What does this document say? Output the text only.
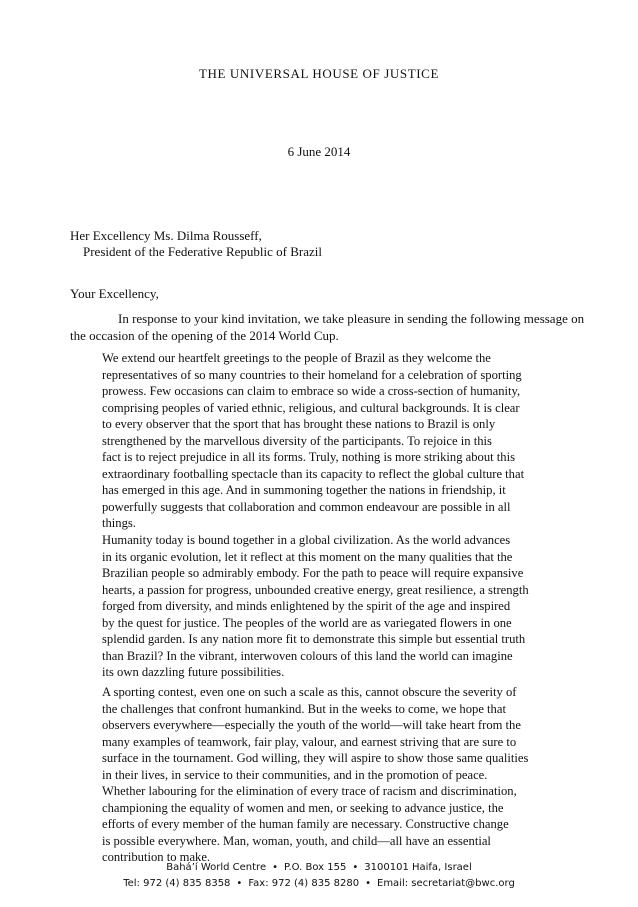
THE UNIVERSAL HOUSE OF JUSTICE
6 June 2014
Her Excellency Ms. Dilma Rousseff,
President of the Federative Republic of Brazil
Your Excellency,
In response to your kind invitation, we take pleasure in sending the following message on
the occasion of the opening of the 2014 World Cup.
We extend our heartfelt greetings to the people of Brazil as they welcome the
representatives of so many countries to their homeland for a celebration of sporting
prowess. Few occasions can claim to embrace so wide a cross-section of humanity,
comprising peoples of varied ethnic, religious, and cultural backgrounds. It is clear
to every observer that the sport that has brought these nations to Brazil is only
strengthened by the marvellous diversity of the participants. To rejoice in this
fact is to reject prejudice in all its forms. Truly, nothing is more striking about this
extraordinary footballing spectacle than its capacity to reflect the global culture that
has emerged in this age. And in summoning together the nations in friendship, it
powerfully suggests that collaboration and common endeavour are possible in all
things.
Humanity today is bound together in a global civilization. As the world advances
in its organic evolution, let it reflect at this moment on the many qualities that the
Brazilian people so admirably embody. For the path to peace will require expansive
hearts, a passion for progress, unbounded creative energy, great resilience, a strength
forged from diversity, and minds enlightened by the spirit of the age and inspired
by the quest for justice. The peoples of the world are as variegated flowers in one
splendid garden. Is any nation more fit to demonstrate this simple but essential truth
than Brazil? In the vibrant, interwoven colours of this land the world can imagine
its own dazzling future possibilities.
A sporting contest, even one on such a scale as this, cannot obscure the severity of
the challenges that confront humankind. But in the weeks to come, we hope that
observers everywhere—especially the youth of the world—will take heart from the
many examples of teamwork, fair play, valour, and earnest striving that are sure to
surface in the tournament. God willing, they will aspire to show those same qualities
in their lives, in service to their communities, and in the promotion of peace.
Whether labouring for the elimination of every trace of racism and discrimination,
championing the equality of women and men, or seeking to advance justice, the
efforts of every member of the human family are necessary. Constructive change
is possible everywhere. Man, woman, youth, and child—all have an essential
contribution to make.
Bahá’í World Centre • P.O. Box 155 • 3100101 Haifa, Israel
Tel: 972 (4) 835 8358 • Fax: 972 (4) 835 8280 • Email: secretariat@bwc.org
